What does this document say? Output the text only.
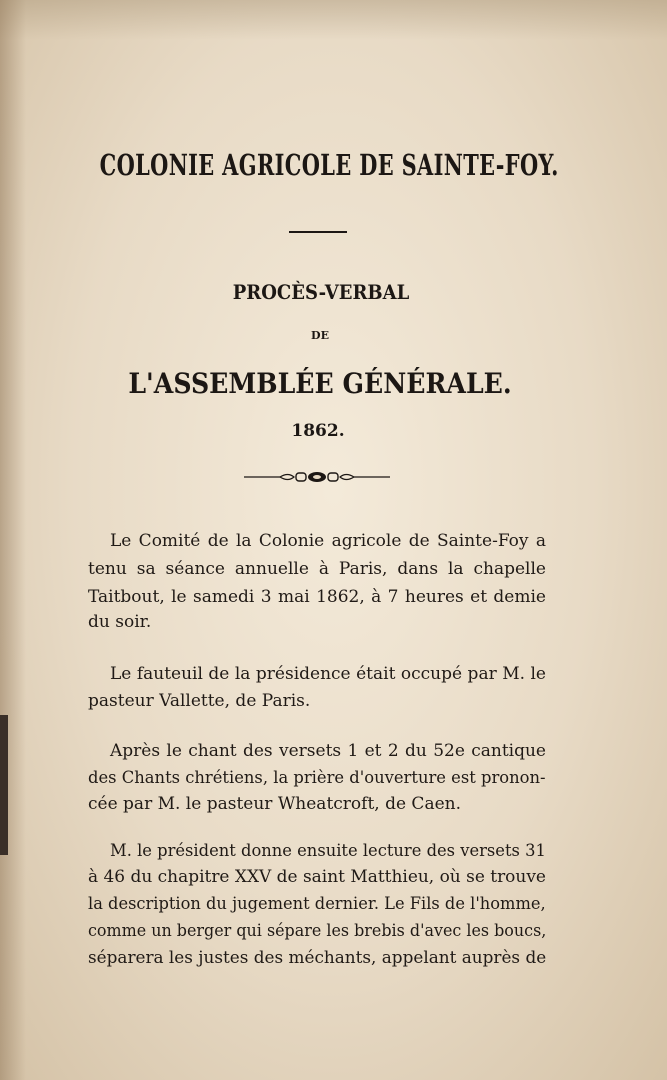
COLONIE AGRICOLE DE SAINTE-FOY.
PROCÈS-VERBAL
DE
L'ASSEMBLÉE GÉNÉRALE.
1862.
Le Comité de la Colonie agricole de Sainte-Foy a
tenu sa séance annuelle à Paris, dans la chapelle
Taitbout, le samedi 3 mai 1862, à 7 heures et demie
du soir.
Le fauteuil de la présidence était occupé par M. le
pasteur Vallette, de Paris.
Après le chant des versets 1 et 2 du 52e cantique
des Chants chrétiens, la prière d'ouverture est pronon-
cée par M. le pasteur Wheatcroft, de Caen.
M. le président donne ensuite lecture des versets 31
à 46 du chapitre XXV de saint Matthieu, où se trouve
la description du jugement dernier. Le Fils de l'homme,
comme un berger qui sépare les brebis d'avec les boucs,
séparera les justes des méchants, appelant auprès de
